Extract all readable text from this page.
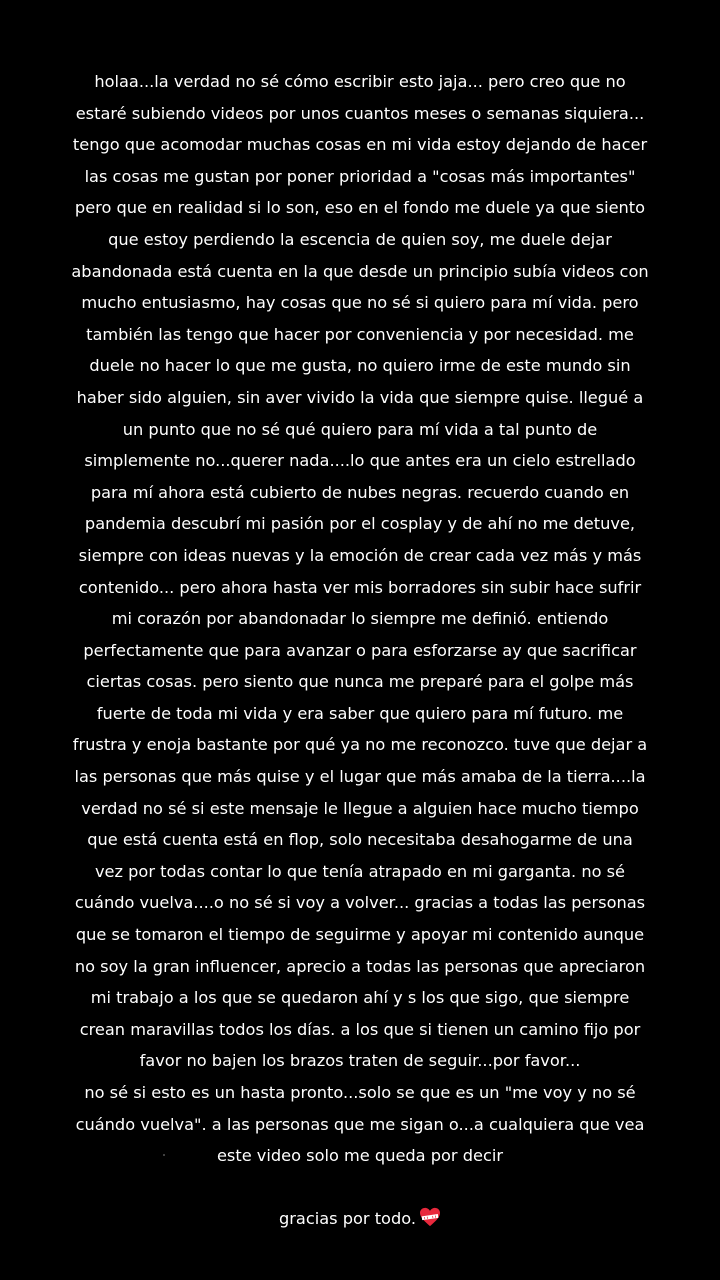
holaa...la verdad no sé cómo escribir esto jaja... pero creo que no
estaré subiendo videos por unos cuantos meses o semanas siquiera...
tengo que acomodar muchas cosas en mi vida estoy dejando de hacer
las cosas me gustan por poner prioridad a "cosas más importantes"
pero que en realidad si lo son, eso en el fondo me duele ya que siento
que estoy perdiendo la escencia de quien soy, me duele dejar
abandonada está cuenta en la que desde un principio subía videos con
mucho entusiasmo, hay cosas que no sé si quiero para mí vida. pero
también las tengo que hacer por conveniencia y por necesidad. me
duele no hacer lo que me gusta, no quiero irme de este mundo sin
haber sido alguien, sin aver vivido la vida que siempre quise. llegué a
un punto que no sé qué quiero para mí vida a tal punto de
simplemente no...querer nada....lo que antes era un cielo estrellado
para mí ahora está cubierto de nubes negras. recuerdo cuando en
pandemia descubrí mi pasión por el cosplay y de ahí no me detuve,
siempre con ideas nuevas y la emoción de crear cada vez más y más
contenido... pero ahora hasta ver mis borradores sin subir hace sufrir
mi corazón por abandonadar lo siempre me definió. entiendo
perfectamente que para avanzar o para esforzarse ay que sacrificar
ciertas cosas. pero siento que nunca me preparé para el golpe más
fuerte de toda mi vida y era saber que quiero para mí futuro. me
frustra y enoja bastante por qué ya no me reconozco. tuve que dejar a
las personas que más quise y el lugar que más amaba de la tierra....la
verdad no sé si este mensaje le llegue a alguien hace mucho tiempo
que está cuenta está en flop, solo necesitaba desahogarme de una
vez por todas contar lo que tenía atrapado en mi garganta. no sé
cuándo vuelva....o no sé si voy a volver... gracias a todas las personas
que se tomaron el tiempo de seguirme y apoyar mi contenido aunque
no soy la gran influencer, aprecio a todas las personas que apreciaron
mi trabajo a los que se quedaron ahí y s los que sigo, que siempre
crean maravillas todos los días. a los que si tienen un camino fijo por
favor no bajen los brazos traten de seguir...por favor...
no sé si esto es un hasta pronto...solo se que es un "me voy y no sé
cuándo vuelva". a las personas que me sigan o...a cualquiera que vea
este video solo me queda por decir
gracias por todo.
